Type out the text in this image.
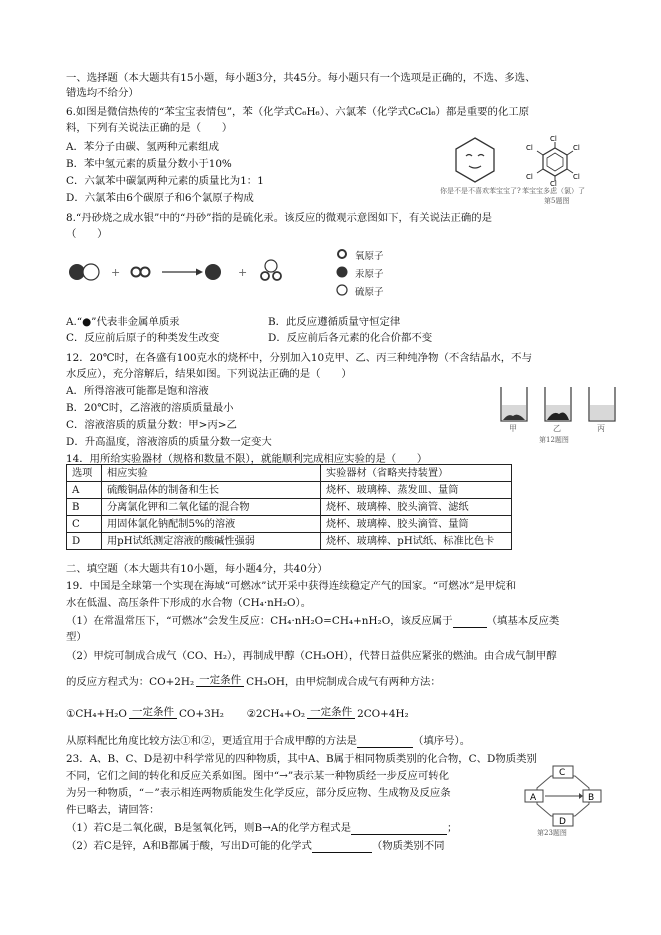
一、选择题（本大题共有15小题，每小题3分，共45分。每小题只有一个选项是正确的，不选、多选、
错选均不给分）
6.如图是微信热传的“苯宝宝表情包”，苯（化学式C₆H₆）、六氯苯（化学式C₆Cl₆）都是重要的化工原
料，下列有关说法正确的是（　　）
A．苯分子由碳、氢两种元素组成
B．苯中氢元素的质量分数小于10%
C．六氯苯中碳氯两种元素的质量比为1：1
D．六氯苯由6个碳原子和6个氯原子构成
Cl
Cl
Cl
Cl
Cl
Cl
你是不是不喜欢苯宝宝了? 苯宝宝多虑（氯）了
第5题图
8.“丹砂烧之成水银”中的“丹砂”指的是硫化汞。该反应的微观示意图如下，有关说法正确的是
（　　）
+	+
氧原子
汞原子
硫原子
A.“●”代表非金属单质汞	B．此反应遵循质量守恒定律
C．反应前后原子的种类发生改变	D．反应前后各元素的化合价都不变
12．20℃时，在各盛有100克水的烧杯中，分别加入10克甲、乙、丙三种纯净物（不含结晶水，不与
水反应），充分溶解后，结果如图。下列说法正确的是（　　）
A．所得溶液可能都是饱和溶液
B．20℃时，乙溶液的溶质质量最小
C．溶液溶质的质量分数：甲>丙>乙
D．升高温度，溶液溶质的质量分数一定变大
甲	乙	丙
第12题图
14．用所给实验器材（规格和数量不限），就能顺利完成相应实验的是（　　）
选项	相应实验	实验器材（省略夹持装置）
A	硫酸铜晶体的制备和生长	烧杯、玻璃棒、蒸发皿、量筒
B	分离氯化钾和二氧化锰的混合物	烧杯、玻璃棒、胶头滴管、滤纸
C	用固体氯化钠配制5%的溶液	烧杯、玻璃棒、胶头滴管、量筒
D	用pH试纸测定溶液的酸碱性强弱	烧杯、玻璃棒、pH试纸、标准比色卡
二、填空题（本大题共有10小题，每小题4分，共40分）
19．中国是全球第一个实现在海域“可燃冰”试开采中获得连续稳定产气的国家。“可燃冰”是甲烷和
水在低温、高压条件下形成的水合物（CH₄·nH₂O）。
（1）在常温常压下，“可燃冰”会发生反应：CH₄·nH₂O=CH₄+nH₂O，该反应属于	（填基本反应类
型）
（2）甲烷可制成合成气（CO、H₂），再制成甲醇（CH₃OH），代替日益供应紧张的燃油。由合成气制甲醇
的反应方程式为：CO+2H₂ 一定条件 CH₃OH，由甲烷制成合成气有两种方法：
①CH₄+H₂O 一定条件 CO+3H₂ ②2CH₄+O₂ 一定条件 2CO+4H₂
从原料配比角度比较方法①和②，更适宜用于合成甲醇的方法是	（填序号）。
23．A、B、C、D是初中科学常见的四种物质，其中A、B属于相同物质类别的化合物，C、D物质类别
不同，它们之间的转化和反应关系如图。图中“→”表示某一种物质经一步反应可转化
为另一种物质，“－”表示相连两物质能发生化学反应，部分反应物、生成物及反应条
件已略去，请回答：
（1）若C是二氧化碳，B是氢氧化钙，则B→A的化学方程式是	；
（2）若C是锌，A和B都属于酸，写出D可能的化学式	（物质类别不同
A	B
C
D
第23题图
